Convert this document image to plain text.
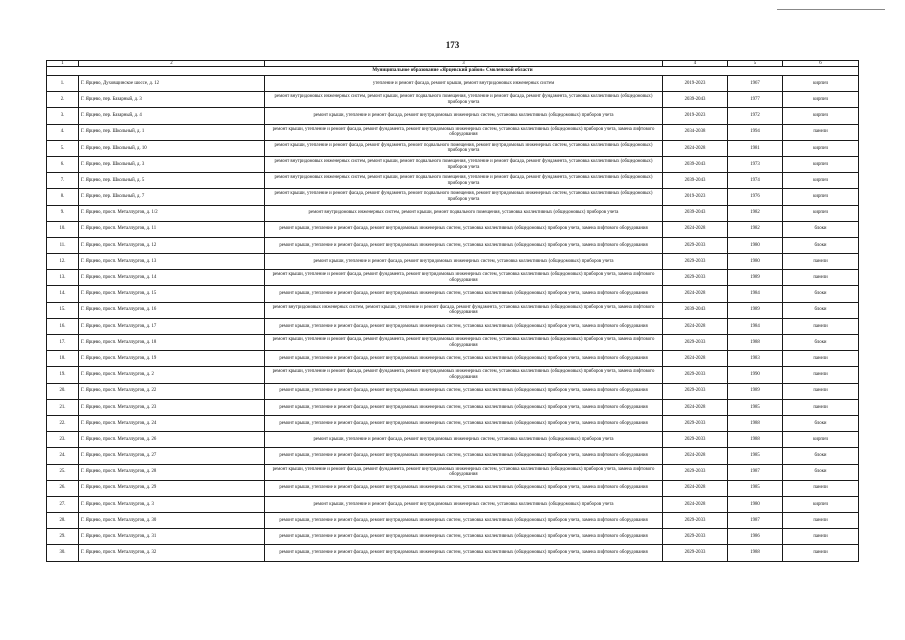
173
1	2	3	4	5	6
Муниципальное образование «Ярцевский район» Смоленской области					
1.	Г. Ярцево, Духовщинское шоссе, д. 12	утепление и ремонт фасада, ремонт крыши, ремонт внутридомовых инженерных систем	2019-2023	1967	кирпич
2.	Г. Ярцево, пер. Базарный, д. 3	ремонт внутридомовых инженерных систем, ремонт крыши, ремонт подвального помещения, утепление и ремонт фасада, ремонт фундамента, установка коллективных (общедомовых) приборов учета	2039-2043	1977	кирпич
3.	Г. Ярцево, пер. Базарный, д. 4	ремонт крыши, утепление и ремонт фасада, ремонт внутридомовых инженерных систем, установка коллективных (общедомовых) приборов учета	2019-2023	1972	кирпич
4.	Г. Ярцево, пер. Школьный, д. 1	ремонт крыши, утепление и ремонт фасада, ремонт фундамента, ремонт внутридомовых инженерных систем, установка коллективных (общедомовых) приборов учета, замена лифтового оборудования	2034-2038	1994	панели
5.	Г. Ярцево, пер. Школьный, д. 10	ремонт крыши, утепление и ремонт фасада, ремонт фундамента, ремонт подвального помещения, ремонт внутридомовых инженерных систем, установка коллективных (общедомовых) приборов учета	2024-2028	1981	кирпич
6.	Г. Ярцево, пер. Школьный, д. 3	ремонт внутридомовых инженерных систем, ремонт крыши, ремонт подвального помещения, утепление и ремонт фасада, ремонт фундамента, установка коллективных (общедомовых) приборов учета	2039-2043	1973	кирпич
7.	Г. Ярцево, пер. Школьный, д. 5	ремонт внутридомовых инженерных систем, ремонт крыши, ремонт подвального помещения, утепление и ремонт фасада, ремонт фундамента, установка коллективных (общедомовых) приборов учета	2039-2043	1974	кирпич
8.	Г. Ярцево, пер. Школьный, д. 7	ремонт крыши, утепление и ремонт фасада, ремонт фундамента, ремонт подвального помещения, ремонт внутридомовых инженерных систем, установка коллективных (общедомовых) приборов учета	2019-2023	1976	кирпич
9.	Г. Ярцево, просп. Металлургов, д. 1/2	ремонт внутридомовых инженерных систем, ремонт крыши, ремонт подвального помещения, установка коллективных (общедомовых) приборов учета	2039-2043	1982	кирпич
10.	Г. Ярцево, просп. Металлургов, д. 11	ремонт крыши, утепление и ремонт фасада, ремонт внутридомовых инженерных систем, установка коллективных (общедомовых) приборов учета, замена лифтового оборудования	2024-2028	1982	блоки
11.	Г. Ярцево, просп. Металлургов, д. 12	ремонт крыши, утепление и ремонт фасада, ремонт внутридомовых инженерных систем, установка коллективных (общедомовых) приборов учета, замена лифтового оборудования	2029-2033	1980	блоки
12.	Г. Ярцево, просп. Металлургов, д. 13	ремонт крыши, утепление и ремонт фасада, ремонт внутридомовых инженерных систем, установка коллективных (общедомовых) приборов учета	2029-2033	1980	панели
13.	Г. Ярцево, просп. Металлургов, д. 14	ремонт крыши, утепление и ремонт фасада, ремонт фундамента, ремонт внутридомовых инженерных систем, установка коллективных (общедомовых) приборов учета, замена лифтового оборудования	2029-2033	1989	панели
14.	Г. Ярцево, просп. Металлургов, д. 15	ремонт крыши, утепление и ремонт фасада, ремонт внутридомовых инженерных систем, установка коллективных (общедомовых) приборов учета, замена лифтового оборудования	2024-2028	1984	блоки
15.	Г. Ярцево, просп. Металлургов, д. 16	ремонт внутридомовых инженерных систем, ремонт крыши, утепление и ремонт фасада, ремонт фундамента, установка коллективных (общедомовых) приборов учета, замена лифтового оборудования	2039-2043	1989	блоки
16.	Г. Ярцево, просп. Металлургов, д. 17	ремонт крыши, утепление и ремонт фасада, ремонт внутридомовых инженерных систем, установка коллективных (общедомовых) приборов учета, замена лифтового оборудования	2024-2028	1984	панели
17.	Г. Ярцево, просп. Металлургов, д. 18	ремонт крыши, утепление и ремонт фасада, ремонт фундамента, ремонт внутридомовых инженерных систем, установка коллективных (общедомовых) приборов учета, замена лифтового оборудования	2029-2033	1988	блоки
18.	Г. Ярцево, просп. Металлургов, д. 19	ремонт крыши, утепление и ремонт фасада, ремонт внутридомовых инженерных систем, установка коллективных (общедомовых) приборов учета, замена лифтового оборудования	2024-2028	1983	панели
19.	Г. Ярцево, просп. Металлургов, д. 2	ремонт крыши, утепление и ремонт фасада, ремонт фундамента, ремонт внутридомовых инженерных систем, установка коллективных (общедомовых) приборов учета, замена лифтового оборудования	2029-2033	1990	панели
20.	Г. Ярцево, просп. Металлургов, д. 22	ремонт крыши, утепление и ремонт фасада, ремонт внутридомовых инженерных систем, установка коллективных (общедомовых) приборов учета, замена лифтового оборудования	2029-2033	1989	панели
21.	Г. Ярцево, просп. Металлургов, д. 23	ремонт крыши, утепление и ремонт фасада, ремонт внутридомовых инженерных систем, установка коллективных (общедомовых) приборов учета, замена лифтового оборудования	2024-2028	1985	панели
22.	Г. Ярцево, просп. Металлургов, д. 24	ремонт крыши, утепление и ремонт фасада, ремонт внутридомовых инженерных систем, установка коллективных (общедомовых) приборов учета, замена лифтового оборудования	2029-2033	1988	блоки
23.	Г. Ярцево, просп. Металлургов, д. 26	ремонт крыши, утепление и ремонт фасада, ремонт внутридомовых инженерных систем, установка коллективных (общедомовых) приборов учета	2029-2033	1988	кирпич
24.	Г. Ярцево, просп. Металлургов, д. 27	ремонт крыши, утепление и ремонт фасада, ремонт внутридомовых инженерных систем, установка коллективных (общедомовых) приборов учета, замена лифтового оборудования	2024-2028	1985	блоки
25.	Г. Ярцево, просп. Металлургов, д. 28	ремонт крыши, утепление и ремонт фасада, ремонт фундамента, ремонт внутридомовых инженерных систем, установка коллективных (общедомовых) приборов учета, замена лифтового оборудования	2029-2033	1987	блоки
26.	Г. Ярцево, просп. Металлургов, д. 29	ремонт крыши, утепление и ремонт фасада, ремонт внутридомовых инженерных систем, установка коллективных (общедомовых) приборов учета, замена лифтового оборудования	2024-2028	1985	панели
27.	Г. Ярцево, просп. Металлургов, д. 3	ремонт крыши, утепление и ремонт фасада, ремонт внутридомовых инженерных систем, установка коллективных (общедомовых) приборов учета	2024-2028	1980	кирпич
28.	Г. Ярцево, просп. Металлургов, д. 30	ремонт крыши, утепление и ремонт фасада, ремонт внутридомовых инженерных систем, установка коллективных (общедомовых) приборов учета, замена лифтового оборудования	2029-2033	1987	панели
29.	Г. Ярцево, просп. Металлургов, д. 31	ремонт крыши, утепление и ремонт фасада, ремонт внутридомовых инженерных систем, установка коллективных (общедомовых) приборов учета, замена лифтового оборудования	2029-2033	1986	панели
30.	Г. Ярцево, просп. Металлургов, д. 32	ремонт крыши, утепление и ремонт фасада, ремонт внутридомовых инженерных систем, установка коллективных (общедомовых) приборов учета, замена лифтового оборудования	2029-2033	1988	панели
